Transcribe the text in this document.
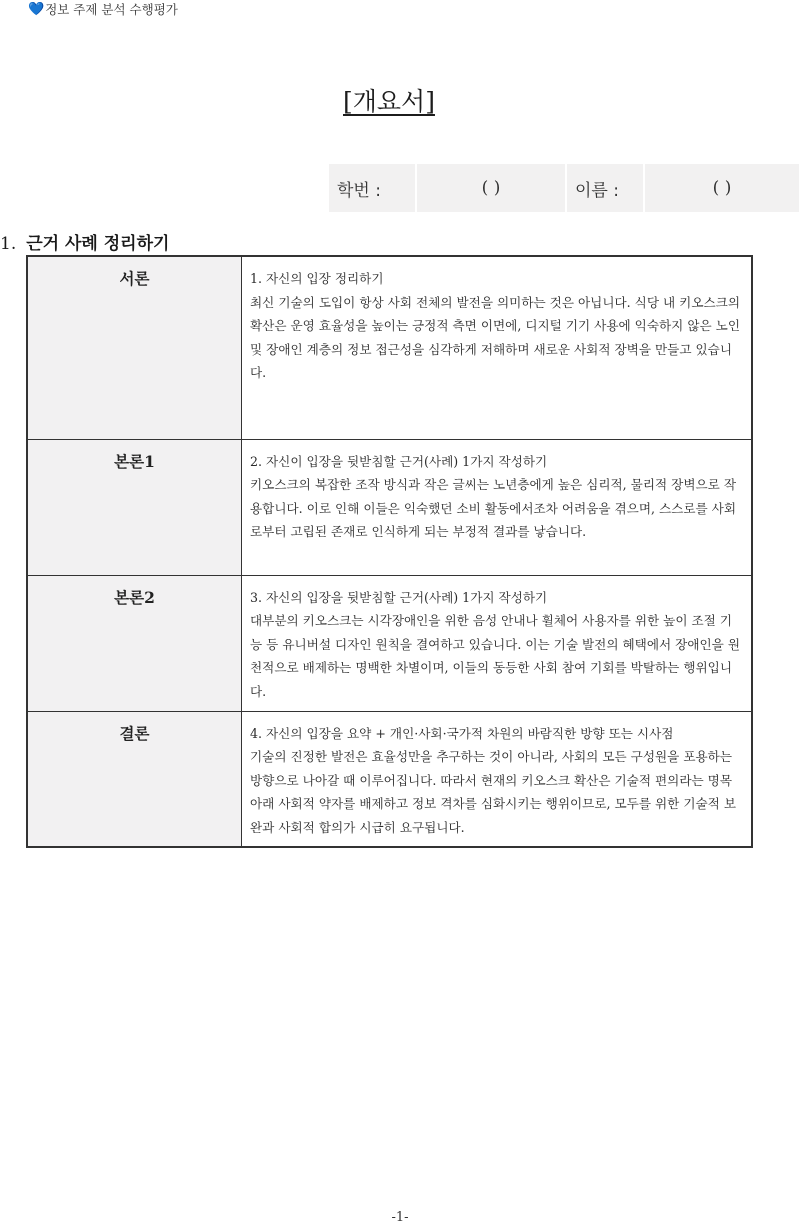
💙 정보 주제 분석 수행평가
[개요서]
학번 :	( )	이름 :	( )
1. 근거 사례 정리하기
서론	1. 자신의 입장 정리하기
최신 기술의 도입이 항상 사회 전체의 발전을 의미하는 것은 아닙니다. 식당 내 키오스크의 확산은 운영 효율성을 높이는 긍정적 측면 이면에, 디지털 기기 사용에 익숙하지 않은 노인 및 장애인 계층의 정보 접근성을 심각하게 저해하며 새로운 사회적 장벽을 만들고 있습니다.

본론1	2. 자신이 입장을 뒷받침할 근거(사례) 1가지 작성하기
키오스크의 복잡한 조작 방식과 작은 글씨는 노년층에게 높은 심리적, 물리적 장벽으로 작용합니다. 이로 인해 이들은 익숙했던 소비 활동에서조차 어려움을 겪으며, 스스로를 사회로부터 고립된 존재로 인식하게 되는 부정적 결과를 낳습니다.

본론2	3. 자신의 입장을 뒷받침할 근거(사례) 1가지 작성하기
대부분의 키오스크는 시각장애인을 위한 음성 안내나 휠체어 사용자를 위한 높이 조절 기능 등 유니버설 디자인 원칙을 결여하고 있습니다. 이는 기술 발전의 혜택에서 장애인을 원천적으로 배제하는 명백한 차별이며, 이들의 동등한 사회 참여 기회를 박탈하는 행위입니다.

결론	4. 자신의 입장을 요약 + 개인·사회·국가적 차원의 바람직한 방향 또는 시사점
기술의 진정한 발전은 효율성만을 추구하는 것이 아니라, 사회의 모든 구성원을 포용하는 방향으로 나아갈 때 이루어집니다. 따라서 현재의 키오스크 확산은 기술적 편의라는 명목 아래 사회적 약자를 배제하고 정보 격차를 심화시키는 행위이므로, 모두를 위한 기술적 보완과 사회적 합의가 시급히 요구됩니다.
-1-
